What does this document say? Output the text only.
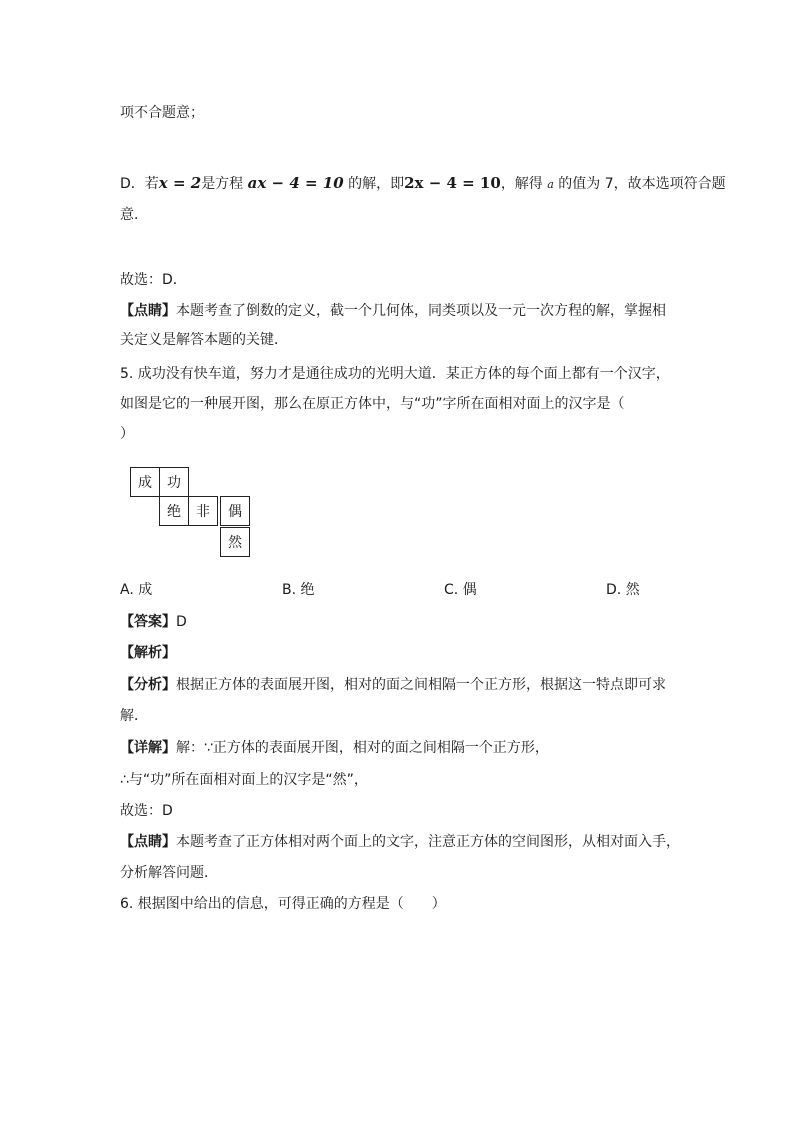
项不合题意；
D．若x = 2是方程 ax − 4 = 10 的解，即2x − 4 = 10，解得 a 的值为 7，故本选项符合题
意．
故选：D．
【点睛】本题考查了倒数的定义，截一个几何体，同类项以及一元一次方程的解，掌握相
关定义是解答本题的关键．
5. 成功没有快车道，努力才是通往成功的光明大道．某正方体的每个面上都有一个汉字，
如图是它的一种展开图，那么在原正方体中，与“功”字所在面相对面上的汉字是（
）
成	功
绝	非	偶
然
A. 成	B. 绝	C. 偶	D. 然
【答案】D
【解析】
【分析】根据正方体的表面展开图，相对的面之间相隔一个正方形，根据这一特点即可求
解．
【详解】解：∵正方体的表面展开图，相对的面之间相隔一个正方形，
∴与“功”所在面相对面上的汉字是“然”，
故选：D
【点睛】本题考查了正方体相对两个面上的文字，注意正方体的空间图形，从相对面入手，
分析解答问题．
6. 根据图中给出的信息，可得正确的方程是（　　）
